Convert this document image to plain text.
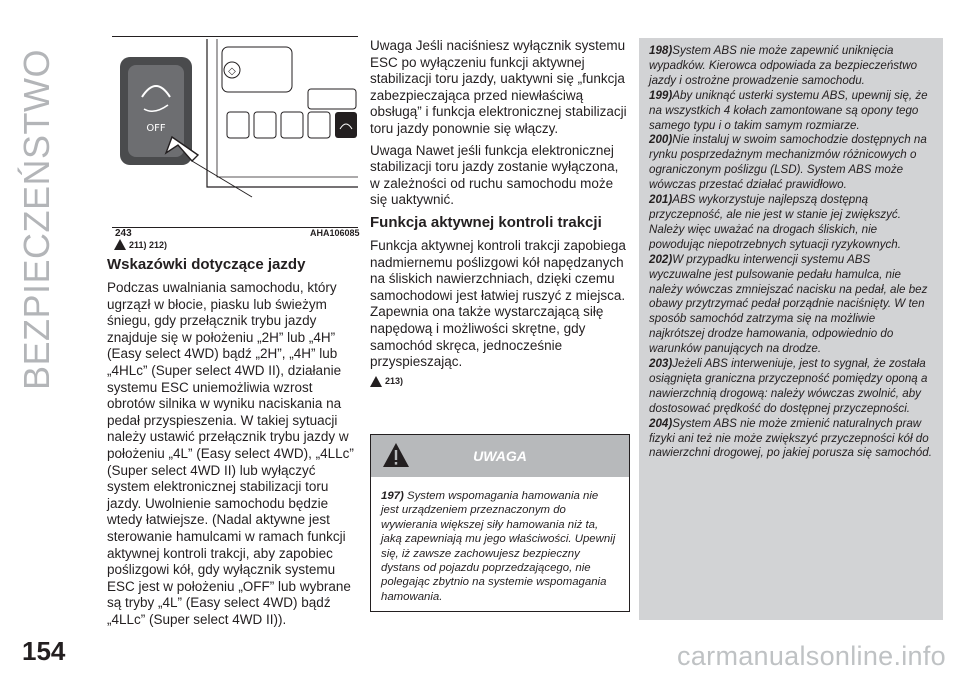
BEZPIECZEŃSTWO	◇
OFF
243	AHA106085
211) 212)
Wskazówki dotyczące jazdy

Podczas uwalniania samochodu, który ugrzązł w błocie, piasku lub świeżym śniegu, gdy przełącznik trybu jazdy znajduje się w położeniu „2H” lub „4H” (Easy select 4WD) bądź „2H”, „4H” lub „4HLc” (Super select 4WD II), działanie systemu ESC uniemożliwia wzrost obrotów silnika w wyniku naciskania na pedał przyspieszenia. W takiej sytuacji należy ustawić przełącznik trybu jazdy w położeniu „4L” (Easy select 4WD), „4LLc” (Super select 4WD II) lub wyłączyć system elektronicznej stabilizacji toru jazdy. Uwolnienie samochodu będzie wtedy łatwiejsze. (Nadal aktywne jest sterowanie hamulcami w ramach funkcji aktywnej kontroli trakcji, aby zapobiec poślizgowi kół, gdy wyłącznik systemu ESC jest w położeniu „OFF” lub wybrane są tryby „4L” (Easy select 4WD) bądź „4LLc” (Super select 4WD II)).

Uwaga Jeśli naciśniesz wyłącznik systemu ESC po wyłączeniu funkcji aktywnej stabilizacji toru jazdy, uaktywni się „funkcja zabezpieczająca przed niewłaściwą obsługą” i funkcja elektronicznej stabilizacji toru jazdy ponownie się włączy.

Uwaga Nawet jeśli funkcja elektronicznej stabilizacji toru jazdy zostanie wyłączona, w zależności od ruchu samochodu może się uaktywnić.

Funkcja aktywnej kontroli trakcji

Funkcja aktywnej kontroli trakcji zapobiega nadmiernemu poślizgowi kół napędzanych na śliskich nawierzchniach, dzięki czemu samochodowi jest łatwiej ruszyć z miejsca. Zapewnia ona także wystarczającą siłę napędową i możliwości skrętne, gdy samochód skręca, jednocześnie przyspieszając.

213)
UWAGA
197) System wspomagania hamowania nie jest urządzeniem przeznaczonym do wywierania większej siły hamowania niż ta, jaką zapewniają mu jego właściwości. Upewnij się, iż zawsze zachowujesz bezpieczny dystans od pojazdu poprzedzającego, nie polegając zbytnio na systemie wspomagania hamowania.

198)System ABS nie może zapewnić uniknięcia wypadków. Kierowca odpowiada za bezpieczeństwo jazdy i ostrożne prowadzenie samochodu.

199)Aby uniknąć usterki systemu ABS, upewnij się, że na wszystkich 4 kołach zamontowane są opony tego samego typu i o takim samym rozmiarze.

200)Nie instaluj w swoim samochodzie dostępnych na rynku posprzedażnym mechanizmów różnicowych o ograniczonym poślizgu (LSD). System ABS może wówczas przestać działać prawidłowo.

201)ABS wykorzystuje najlepszą dostępną przyczepność, ale nie jest w stanie jej zwiększyć. Należy więc uważać na drogach śliskich, nie powodując niepotrzebnych sytuacji ryzykownych.

202)W przypadku interwencji systemu ABS wyczuwalne jest pulsowanie pedału hamulca, nie należy wówczas zmniejszać nacisku na pedał, ale bez obawy przytrzymać pedał porządnie naciśnięty. W ten sposób samochód zatrzyma się na możliwie najkrótszej drodze hamowania, odpowiednio do warunków panujących na drodze.

203)Jeżeli ABS interweniuje, jest to sygnał, że została osiągnięta graniczna przyczepność pomiędzy oponą a nawierzchnią drogową: należy wówczas zwolnić, aby dostosować prędkość do dostępnej przyczepności.

204)System ABS nie może zmienić naturalnych praw fizyki ani też nie może zwiększyć przyczepności kół do nawierzchni drogowej, po jakiej porusza się samochód.

154	carmanualsonline.info
